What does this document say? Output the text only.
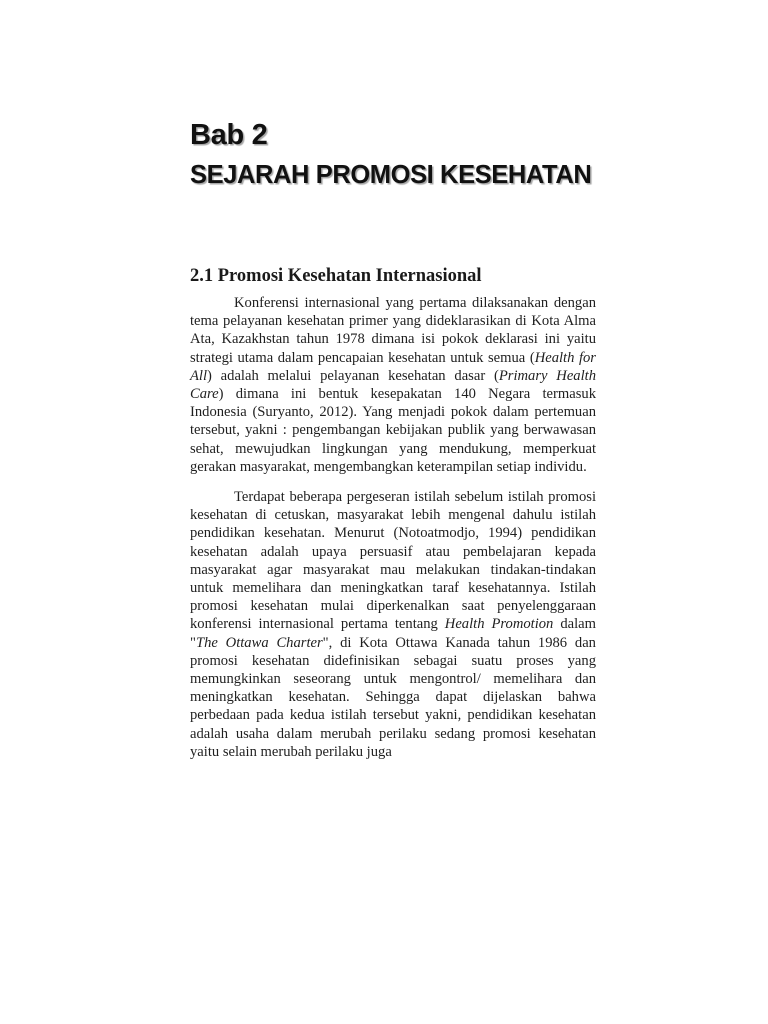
Bab 2
SEJARAH PROMOSI KESEHATAN
2.1 Promosi Kesehatan Internasional

Konferensi internasional yang pertama dilaksanakan dengan tema pelayanan kesehatan primer yang dideklarasikan di Kota Alma Ata, Kazakhstan tahun 1978 dimana isi pokok deklarasi ini yaitu strategi utama dalam pencapaian kesehatan untuk semua (Health for All) adalah melalui pelayanan kesehatan dasar (Primary Health Care) dimana ini bentuk kesepakatan 140 Negara termasuk Indonesia (Suryanto, 2012). Yang menjadi pokok dalam pertemuan tersebut, yakni : pengembangan kebijakan publik yang berwawasan sehat, mewujudkan lingkungan yang mendukung, memperkuat gerakan masyarakat, mengembangkan keterampilan setiap individu.

Terdapat beberapa pergeseran istilah sebelum istilah promosi kesehatan di cetuskan, masyarakat lebih mengenal dahulu istilah pendidikan kesehatan. Menurut (Notoatmodjo, 1994) pendidikan kesehatan adalah upaya persuasif atau pembelajaran kepada masyarakat agar masyarakat mau melakukan tindakan-tindakan untuk memelihara dan meningkatkan taraf kesehatannya. Istilah promosi kesehatan mulai diperkenalkan saat penyelenggaraan konferensi internasional pertama tentang Health Promotion dalam "The Ottawa Charter", di Kota Ottawa Kanada tahun 1986 dan promosi kesehatan didefinisikan sebagai suatu proses yang memungkinkan seseorang untuk mengontrol/ memelihara dan meningkatkan kesehatan. Sehingga dapat dijelaskan bahwa perbedaan pada kedua istilah tersebut yakni, pendidikan kesehatan adalah usaha dalam merubah perilaku sedang promosi kesehatan yaitu selain merubah perilaku juga
